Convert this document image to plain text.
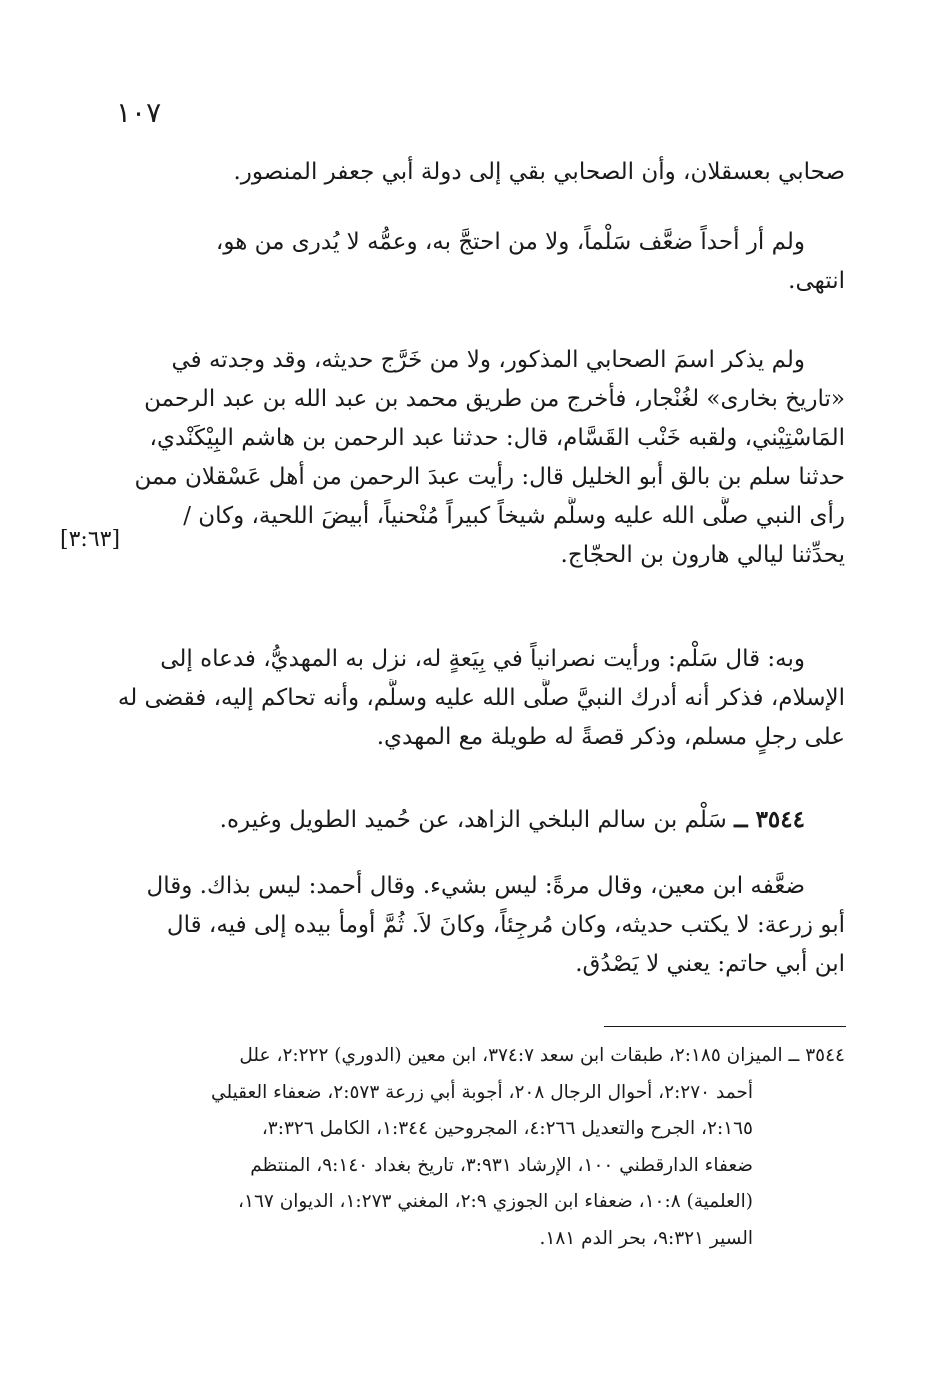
١٠٧
صحابي بعسقلان، وأن الصحابي بقي إلى دولة أبي جعفر المنصور.
ولم أر أحداً ضعَّف سَلْماً، ولا من احتجَّ به، وعمُّه لا يُدرى من هو،
انتهى.
ولم يذكر اسمَ الصحابي المذكور، ولا من خَرَّج حديثه، وقد وجدته في
«تاريخ بخارى» لغُنْجار، فأخرج من طريق محمد بن عبد الله بن عبد الرحمن
المَاسْتِيْني، ولقبه خَنْب القَسَّام، قال: حدثنا عبد الرحمن بن هاشم البِيْكَنْدي،
حدثنا سلم بن بالق أبو الخليل قال: رأيت عبدَ الرحمن من أهل عَسْقلان ممن
رأى النبي صلَّى الله عليه وسلَّم شيخاً كبيراً مُنْحنياً، أبيضَ اللحية، وكان /
يحدِّثنا ليالي هارون بن الحجّاج.
[٣:٦٣]
وبه: قال سَلْم: ورأيت نصرانياً في بِيَعةٍ له، نزل به المهديُّ، فدعاه إلى
الإسلام، فذكر أنه أدرك النبيَّ صلَّى الله عليه وسلَّم، وأنه تحاكم إليه، فقضى له
على رجلٍ مسلم، وذكر قصةً له طويلة مع المهدي.
٣٥٤٤ ــ سَلْم بن سالم البلخي الزاهد، عن حُميد الطويل وغيره.
ضعَّفه ابن معين، وقال مرةً: ليس بشيء. وقال أحمد: ليس بذاك. وقال
أبو زرعة: لا يكتب حديثه، وكان مُرجِئاً، وكانَ لاَ. ثُمَّ أومأ بيده إلى فيه، قال
ابن أبي حاتم: يعني لا يَصْدُق.
٣٥٤٤ ــ الميزان ٢:١٨٥، طبقات ابن سعد ٣٧٤:٧، ابن معين (الدوري) ٢:٢٢٢، علل
أحمد ٢:٢٧٠، أحوال الرجال ٢٠٨، أجوبة أبي زرعة ٢:٥٧٣، ضعفاء العقيلي
٢:١٦٥، الجرح والتعديل ٤:٢٦٦، المجروحين ١:٣٤٤، الكامل ٣:٣٢٦،
ضعفاء الدارقطني ١٠٠، الإرشاد ٣:٩٣١، تاريخ بغداد ٩:١٤٠، المنتظم
(العلمية) ١٠:٨، ضعفاء ابن الجوزي ٢:٩، المغني ١:٢٧٣، الديوان ١٦٧،
السير ٩:٣٢١، بحر الدم ١٨١.
